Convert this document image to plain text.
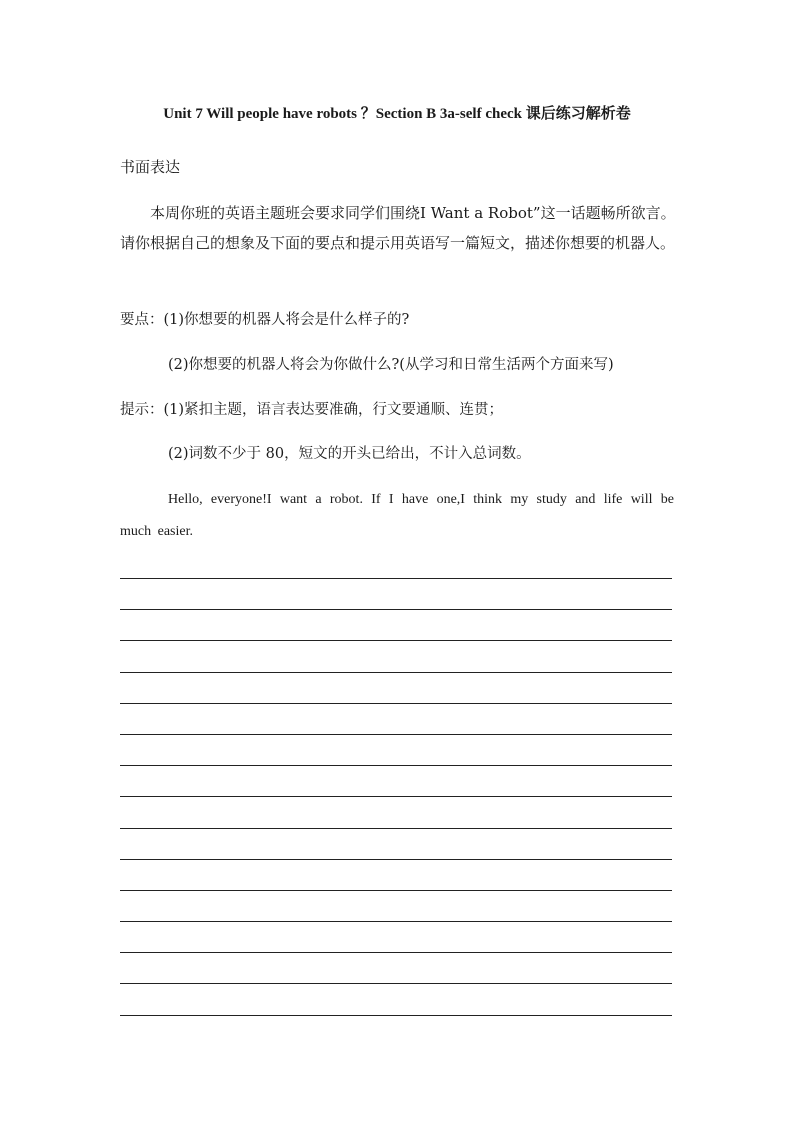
Unit 7 Will people have robots ？Section B 3a-self check 课后练习解析卷
书面表达
本周你班的英语主题班会要求同学们围绕I Want a Robot”这一话题畅所欲言。请你根据自己的想象及下面的要点和提示用英语写一篇短文，描述你想要的机器人。
要点：(1)你想要的机器人将会是什么样子的?
(2)你想要的机器人将会为你做什么?(从学习和日常生活两个方面来写)
提示：(1)紧扣主题，语言表达要准确，行文要通顺、连贯；
(2)词数不少于 80，短文的开头已给出，不计入总词数。
Hello, everyone!I want a robot. If I have one,I think my study and life will be much easier.
